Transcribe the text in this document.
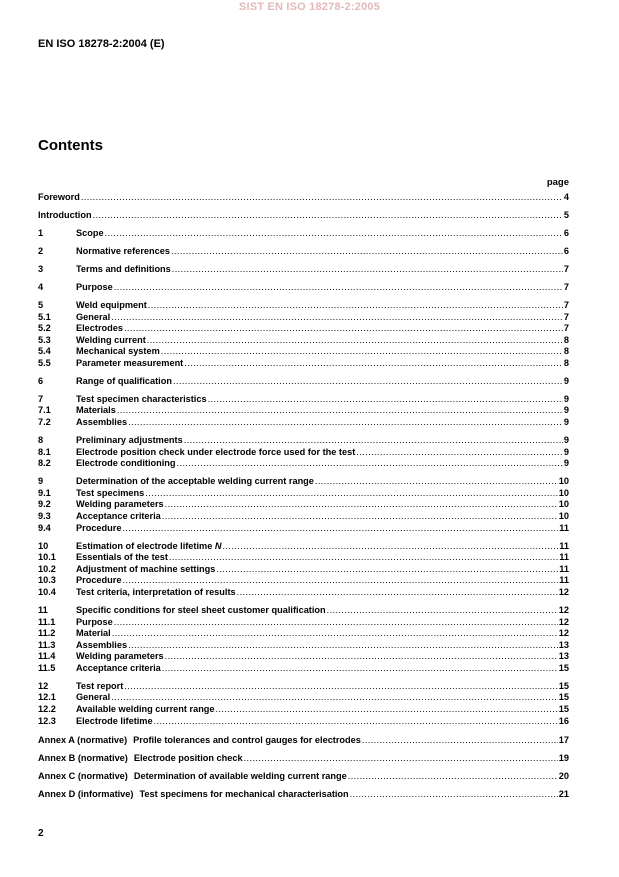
SIST EN ISO 18278-2:2005
EN ISO 18278-2:2004 (E)
Contents
page
Foreword .....	4
Introduction .....	5
1	Scope .....	6
2	Normative references .....	6
3	Terms and definitions .....	7
4	Purpose .....	7
5	Weld equipment .....	7
5.1	General .....	7
5.2	Electrodes .....	7
5.3	Welding current .....	8
5.4	Mechanical system .....	8
5.5	Parameter measurement .....	8
6	Range of qualification .....	9
7	Test specimen characteristics .....	9
7.1	Materials .....	9
7.2	Assemblies .....	9
8	Preliminary adjustments .....	9
8.1	Electrode position check under electrode force used for the test .....	9
8.2	Electrode conditioning .....	9
9	Determination of the acceptable welding current range .....	10
9.1	Test specimens .....	10
9.2	Welding parameters .....	10
9.3	Acceptance criteria .....	10
9.4	Procedure .....	11
10	Estimation of electrode lifetime N .....	11
10.1	Essentials of the test .....	11
10.2	Adjustment of machine settings .....	11
10.3	Procedure .....	11
10.4	Test criteria, interpretation of results .....	12
11	Specific conditions for steel sheet customer qualification .....	12
11.1	Purpose .....	12
11.2	Material .....	12
11.3	Assemblies .....	13
11.4	Welding parameters .....	13
11.5	Acceptance criteria .....	15
12	Test report .....	15
12.1	General .....	15
12.2	Available welding current range .....	15
12.3	Electrode lifetime .....	16
Annex A (normative) Profile tolerances and control gauges for electrodes .....	17
Annex B (normative) Electrode position check .....	19
Annex C (normative) Determination of available welding current range .....	20
Annex D (informative) Test specimens for mechanical characterisation .....	21
2
